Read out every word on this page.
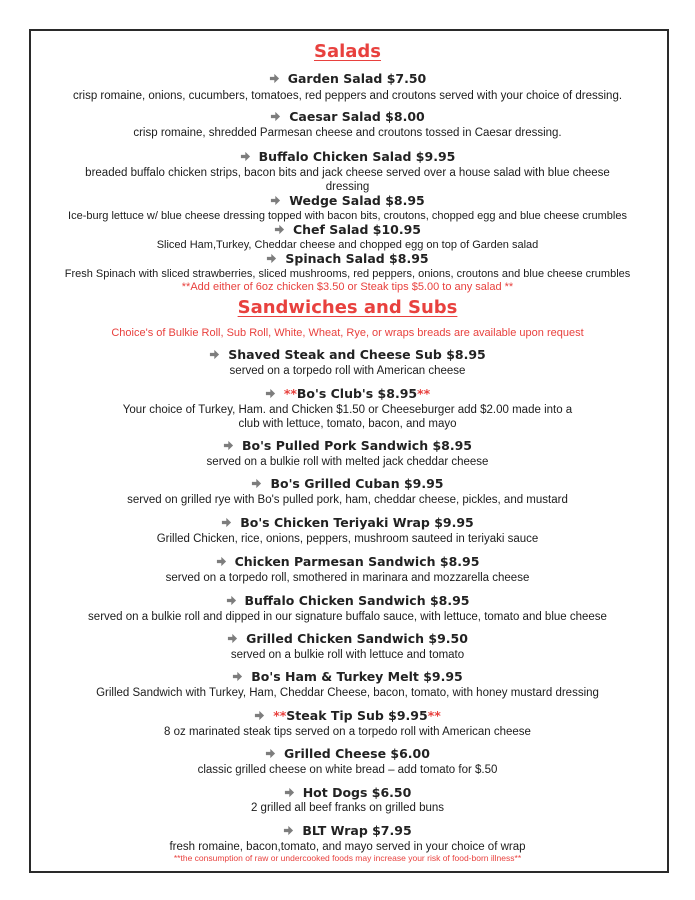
Salads
Garden Salad $7.50
crisp romaine, onions, cucumbers, tomatoes, red peppers and croutons served with your choice of dressing.
Caesar Salad $8.00
crisp romaine, shredded Parmesan cheese and croutons tossed in Caesar dressing.
Buffalo Chicken Salad $9.95
breaded buffalo chicken strips, bacon bits and jack cheese served over a house salad with blue cheese dressing
Wedge Salad $8.95
Ice-burg lettuce w/ blue cheese dressing topped with bacon bits, croutons, chopped egg and blue cheese crumbles
Chef Salad $10.95
Sliced Ham,Turkey, Cheddar cheese and chopped egg on top of Garden salad
Spinach Salad $8.95
Fresh Spinach with sliced strawberries, sliced mushrooms, red peppers, onions, croutons and blue cheese crumbles
**Add either of 6oz chicken $3.50 or Steak tips $5.00 to any salad **
Sandwiches and Subs
Choice's of Bulkie Roll, Sub Roll, White, Wheat, Rye, or wraps breads are available upon request
Shaved Steak and Cheese Sub $8.95
served on a torpedo roll with American cheese
**Bo's Club's $8.95**
Your choice of Turkey, Ham. and Chicken $1.50 or Cheeseburger add $2.00 made into a club with lettuce, tomato, bacon, and mayo
Bo's Pulled Pork Sandwich $8.95
served on a bulkie roll with melted jack cheddar cheese
Bo's Grilled Cuban $9.95
served on grilled rye with Bo's pulled pork, ham, cheddar cheese, pickles, and mustard
Bo's Chicken Teriyaki Wrap $9.95
Grilled Chicken, rice, onions, peppers, mushroom sauteed in teriyaki sauce
Chicken Parmesan Sandwich $8.95
served on a torpedo roll, smothered in marinara and mozzarella cheese
Buffalo Chicken Sandwich $8.95
served on a bulkie roll and dipped in our signature buffalo sauce, with lettuce, tomato and blue cheese
Grilled Chicken Sandwich $9.50
served on a bulkie roll with lettuce and tomato
Bo's Ham & Turkey Melt $9.95
Grilled Sandwich with Turkey, Ham, Cheddar Cheese, bacon, tomato, with honey mustard dressing
**Steak Tip Sub $9.95**
8 oz marinated steak tips served on a torpedo roll with American cheese
Grilled Cheese $6.00
classic grilled cheese on white bread – add tomato for $.50
Hot Dogs $6.50
2 grilled all beef franks on grilled buns
BLT Wrap $7.95
fresh romaine, bacon,tomato, and mayo served in your choice of wrap
**the consumption of raw or undercooked foods may increase your risk of food-born illness**
